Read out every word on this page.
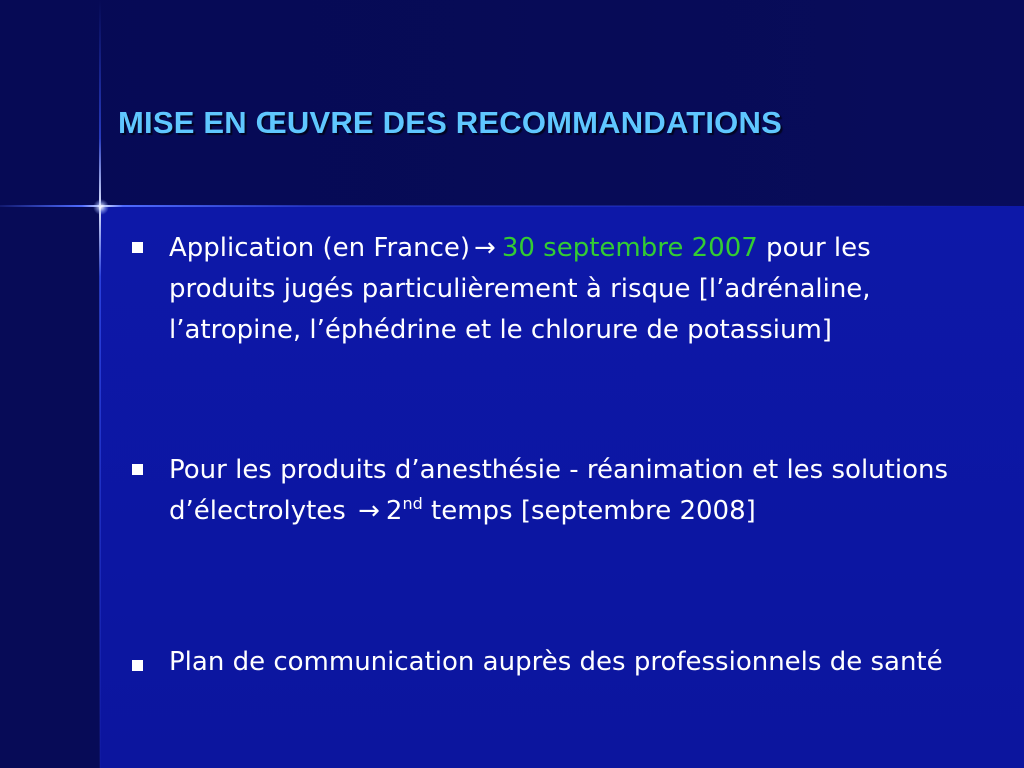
MISE EN ŒUVRE DES RECOMMANDATIONS
Application (en France) → 30 septembre 2007 pour les produits jugés particulièrement à risque [l’adrénaline, l’atropine, l’éphédrine et le chlorure de potassium]
Pour les produits d’anesthésie - réanimation et les solutions d’électrolytes → 2nd temps [septembre 2008]
Plan de communication auprès des professionnels de santé
